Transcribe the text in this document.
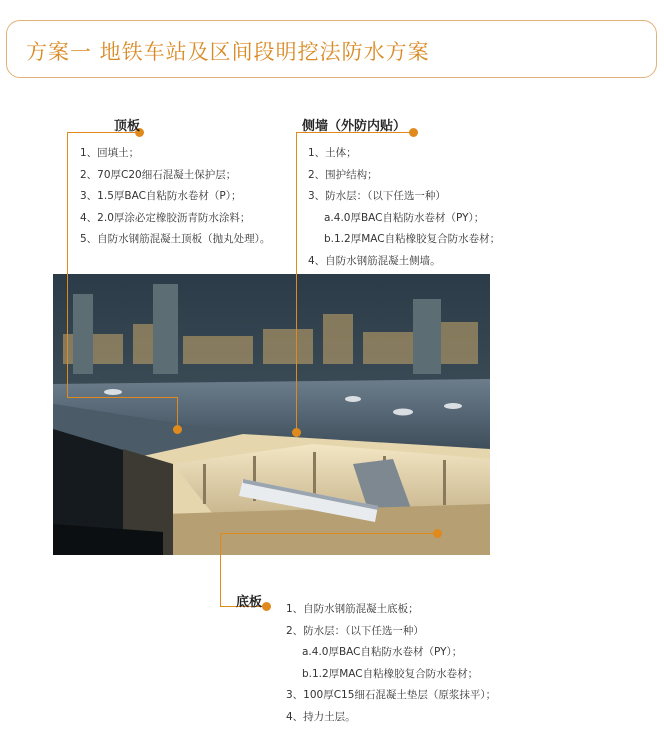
方案一 地铁车站及区间段明挖法防水方案
顶板
1、回填土；
2、70厚C20细石混凝土保护层；
3、1.5厚BAC自粘防水卷材（P）；
4、2.0厚涂必定橡胶沥青防水涂料；
5、自防水钢筋混凝土顶板（抛丸处理）。
侧墙（外防内贴）
1、土体；
2、围护结构；
3、防水层：（以下任选一种）
a.4.0厚BAC自粘防水卷材（PY）；
b.1.2厚MAC自粘橡胶复合防水卷材；
4、自防水钢筋混凝土侧墙。
底板 1、自防水钢筋混凝土底板；
2、防水层：（以下任选一种）
a.4.0厚BAC自粘防水卷材（PY）；
b.1.2厚MAC自粘橡胶复合防水卷材；
3、100厚C15细石混凝土垫层（原浆抹平）；
4、持力土层。
